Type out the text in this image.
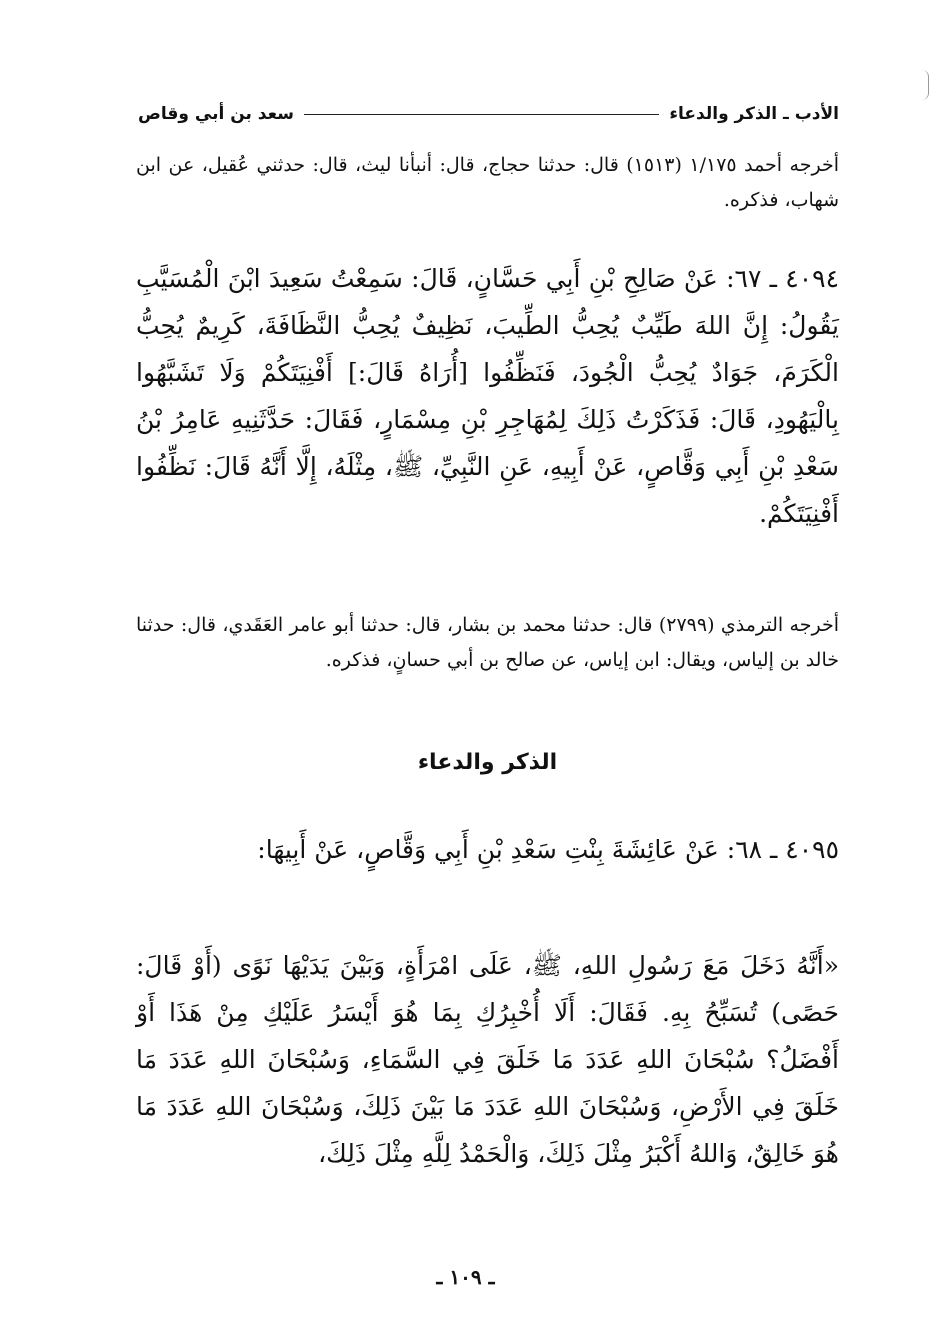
الأدب ـ الذكر والدعاء
سعد بن أبي وقاص
أخرجه أحمد ١/١٧٥ (١٥١٣) قال: حدثنا حجاج، قال: أنبأنا ليث، قال: حدثني عُقيل، عن ابن شهاب، فذكره.
٤٠٩٤ ـ ٦٧: عَنْ صَالِحِ بْنِ أَبِي حَسَّانٍ، قَالَ: سَمِعْتُ سَعِيدَ ابْنَ الْمُسَيَّبِ يَقُولُ: إِنَّ اللهَ طَيِّبٌ يُحِبُّ الطِّيبَ، نَظِيفٌ يُحِبُّ النَّظَافَةَ، كَرِيمٌ يُحِبُّ الْكَرَمَ، جَوَادٌ يُحِبُّ الْجُودَ، فَنَظِّفُوا [أُرَاهُ قَالَ:] أَفْنِيَتَكُمْ وَلَا تَشَبَّهُوا بِالْيَهُودِ، قَالَ: فَذَكَرْتُ ذَلِكَ لِمُهَاجِرِ بْنِ مِسْمَارٍ، فَقَالَ: حَدَّثَنِيهِ عَامِرُ بْنُ سَعْدِ بْنِ أَبِي وَقَّاصٍ، عَنْ أَبِيهِ، عَنِ النَّبِيِّ، ﷺ، مِثْلَهُ، إِلَّا أَنَّهُ قَالَ: نَظِّفُوا أَفْنِيَتَكُمْ.
أخرجه الترمذي (٢٧٩٩) قال: حدثنا محمد بن بشار، قال: حدثنا أبو عامر العَقَدي، قال: حدثنا خالد بن إلياس، ويقال: ابن إياس، عن صالح بن أبي حسانٍ، فذكره.
الذكر والدعاء
٤٠٩٥ ـ ٦٨: عَنْ عَائِشَةَ بِنْتِ سَعْدِ بْنِ أَبِي وَقَّاصٍ، عَنْ أَبِيهَا:
«أَنَّهُ دَخَلَ مَعَ رَسُولِ اللهِ، ﷺ، عَلَى امْرَأَةٍ، وَبَيْنَ يَدَيْهَا نَوًى (أَوْ قَالَ: حَصًى) تُسَبِّحُ بِهِ. فَقَالَ: أَلَا أُخْبِرُكِ بِمَا هُوَ أَيْسَرُ عَلَيْكِ مِنْ هَذَا أَوْ أَفْضَلُ؟ سُبْحَانَ اللهِ عَدَدَ مَا خَلَقَ فِي السَّمَاءِ، وَسُبْحَانَ اللهِ عَدَدَ مَا خَلَقَ فِي الأَرْضِ، وَسُبْحَانَ اللهِ عَدَدَ مَا بَيْنَ ذَلِكَ، وَسُبْحَانَ اللهِ عَدَدَ مَا هُوَ خَالِقٌ، وَاللهُ أَكْبَرُ مِثْلَ ذَلِكَ، وَالْحَمْدُ لِلَّهِ مِثْلَ ذَلِكَ،
ـ ١٠٩ ـ
